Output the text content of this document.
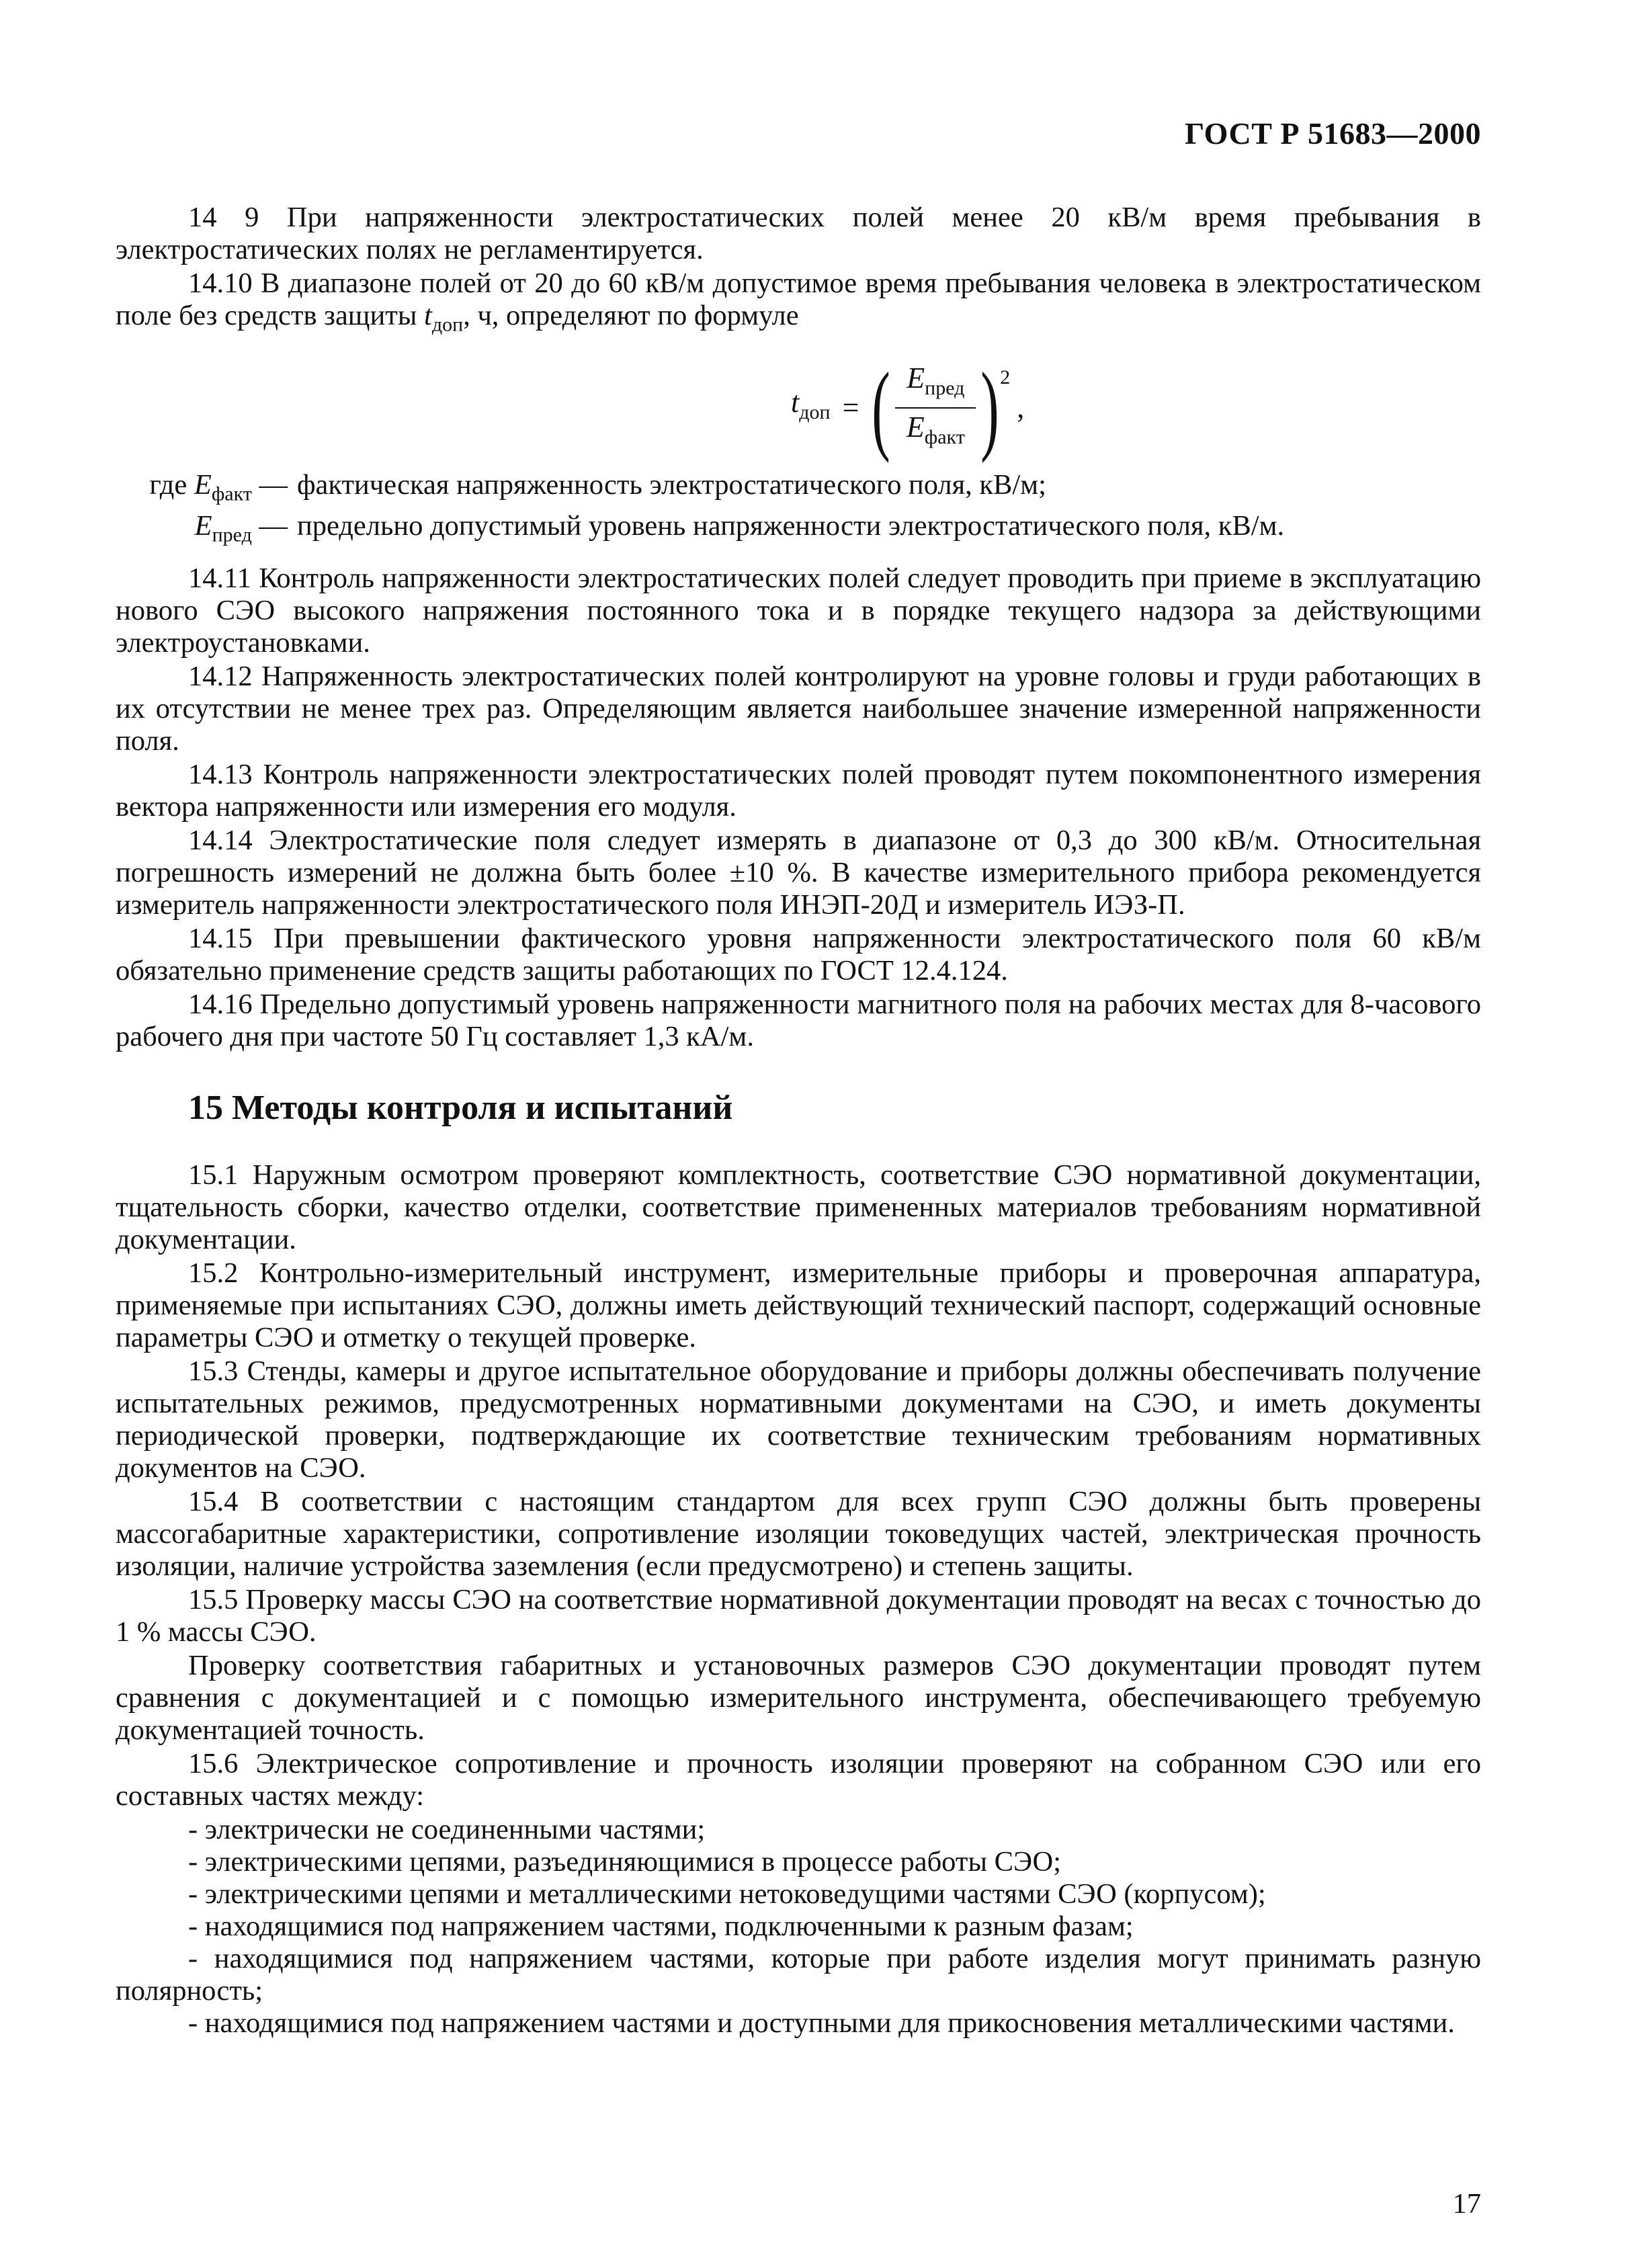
ГОСТ Р 51683—2000

14 9 При напряженности электростатических полей менее 20 кВ/м время пребывания в электростатических полях не регламентируется.

14.10 В диапазоне полей от 20 до 60 кВ/м допустимое время пребывания человека в электростатическом поле без средств защиты $t_{доп}$, ч, определяют по формуле

$t_{доп}$ = ( $\frac{E_{пред}}{E_{факт}}$ ) 2
,
где $E_{факт}$ — фактическая напряженность электростатического поля, кВ/м;
$E_{пред}$ — предельно допустимый уровень напряженности электростатического поля, кВ/м.

14.11 Контроль напряженности электростатических полей следует проводить при приеме в эксплуатацию нового СЭО высокого напряжения постоянного тока и в порядке текущего надзора за действующими электроустановками.

14.12 Напряженность электростатических полей контролируют на уровне головы и груди работающих в их отсутствии не менее трех раз. Определяющим является наибольшее значение измеренной напряженности поля.

14.13 Контроль напряженности электростатических полей проводят путем покомпонентного измерения вектора напряженности или измерения его модуля.

14.14 Электростатические поля следует измерять в диапазоне от 0,3 до 300 кВ/м. Относительная погрешность измерений не должна быть более ±10 %. В качестве измерительного прибора рекомендуется измеритель напряженности электростатического поля ИНЭП-20Д и измеритель ИЭЗ-П.

14.15 При превышении фактического уровня напряженности электростатического поля 60 кВ/м обязательно применение средств защиты работающих по ГОСТ 12.4.124.

14.16 Предельно допустимый уровень напряженности магнитного поля на рабочих местах для 8-часового рабочего дня при частоте 50 Гц составляет 1,3 кА/м.

15 Методы контроля и испытаний

15.1 Наружным осмотром проверяют комплектность, соответствие СЭО нормативной документации, тщательность сборки, качество отделки, соответствие примененных материалов требованиям нормативной документации.

15.2 Контрольно-измерительный инструмент, измерительные приборы и проверочная аппаратура, применяемые при испытаниях СЭО, должны иметь действующий технический паспорт, содержащий основные параметры СЭО и отметку о текущей проверке.

15.3 Стенды, камеры и другое испытательное оборудование и приборы должны обеспечивать получение испытательных режимов, предусмотренных нормативными документами на СЭО, и иметь документы периодической проверки, подтверждающие их соответствие техническим требованиям нормативных документов на СЭО.

15.4 В соответствии с настоящим стандартом для всех групп СЭО должны быть проверены массогабаритные характеристики, сопротивление изоляции токоведущих частей, электрическая прочность изоляции, наличие устройства заземления (если предусмотрено) и степень защиты.

15.5 Проверку массы СЭО на соответствие нормативной документации проводят на весах с точностью до 1 % массы СЭО.

Проверку соответствия габаритных и установочных размеров СЭО документации проводят путем сравнения с документацией и с помощью измерительного инструмента, обеспечивающего требуемую документацией точность.

15.6 Электрическое сопротивление и прочность изоляции проверяют на собранном СЭО или его составных частях между:

- электрически не соединенными частями;
- электрическими цепями, разъединяющимися в процессе работы СЭО;
- электрическими цепями и металлическими нетоковедущими частями СЭО (корпусом);
- находящимися под напряжением частями, подключенными к разным фазам;
- находящимися под напряжением частями, которые при работе изделия могут принимать разную полярность;
- находящимися под напряжением частями и доступными для прикосновения металлическими частями.
17
